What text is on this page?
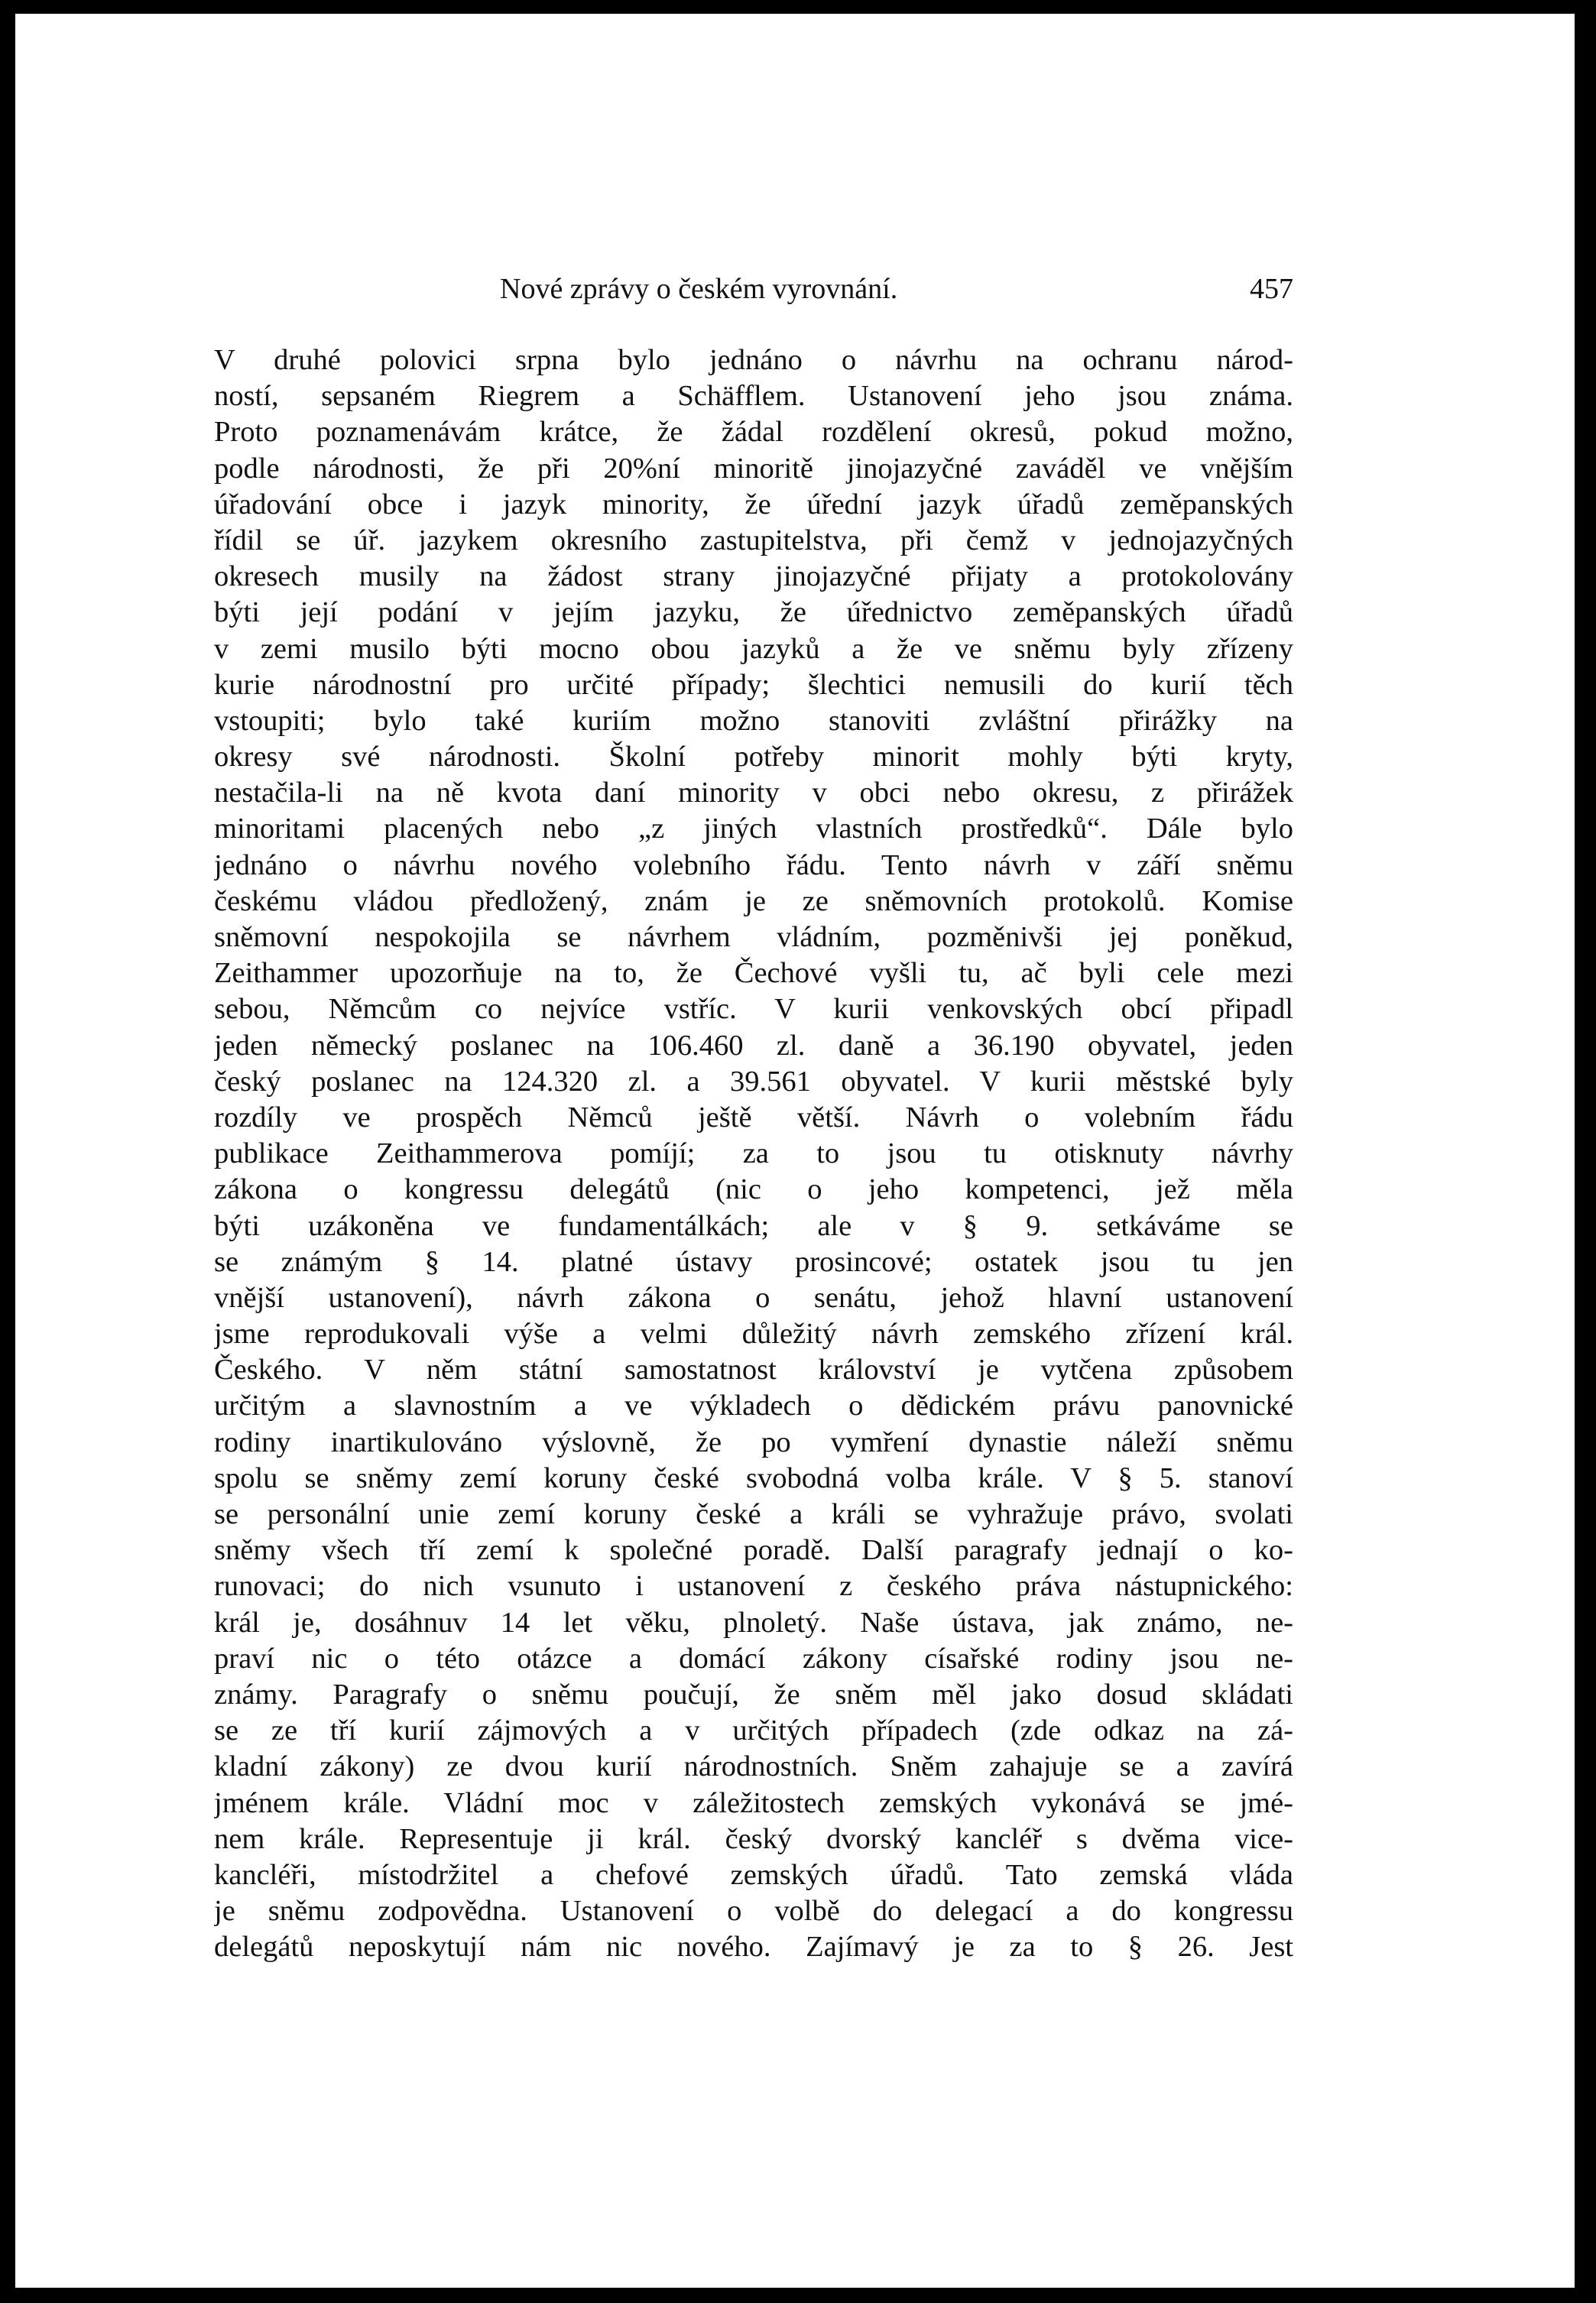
Nové zprávy o českém vyrovnání.	457
V druhé polovici srpna bylo jednáno o návrhu na ochranu národ-
ností, sepsaném Riegrem a Schäfflem. Ustanovení jeho jsou známa.
Proto poznamenávám krátce, že žádal rozdělení okresů, pokud možno,
podle národnosti, že při 20%ní minoritě jinojazyčné zaváděl ve vnějším
úřadování obce i jazyk minority, že úřední jazyk úřadů zeměpanských
řídil se úř. jazykem okresního zastupitelstva, při čemž v jednojazyčných
okresech musily na žádost strany jinojazyčné přijaty a protokolovány
býti její podání v jejím jazyku, že úřednictvo zeměpanských úřadů
v zemi musilo býti mocno obou jazyků a že ve sněmu byly zřízeny
kurie národnostní pro určité případy; šlechtici nemusili do kurií těch
vstoupiti; bylo také kuriím možno stanoviti zvláštní přirážky na
okresy své národnosti. Školní potřeby minorit mohly býti kryty,
nestačila-li na ně kvota daní minority v obci nebo okresu, z přirážek
minoritami placených nebo „z jiných vlastních prostředků“. Dále bylo
jednáno o návrhu nového volebního řádu. Tento návrh v září sněmu
českému vládou předložený, znám je ze sněmovních protokolů. Komise
sněmovní nespokojila se návrhem vládním, pozměnivši jej poněkud,
Zeithammer upozorňuje na to, že Čechové vyšli tu, ač byli cele mezi
sebou, Němcům co nejvíce vstříc. V kurii venkovských obcí připadl
jeden německý poslanec na 106.460 zl. daně a 36.190 obyvatel, jeden
český poslanec na 124.320 zl. a 39.561 obyvatel. V kurii městské byly
rozdíly ve prospěch Němců ještě větší. Návrh o volebním řádu
publikace Zeithammerova pomíjí; za to jsou tu otisknuty návrhy
zákona o kongressu delegátů (nic o jeho kompetenci, jež měla
býti uzákoněna ve fundamentálkách; ale v § 9. setkáváme se
se známým § 14. platné ústavy prosincové; ostatek jsou tu jen
vnější ustanovení), návrh zákona o senátu, jehož hlavní ustanovení
jsme reprodukovali výše a velmi důležitý návrh zemského zřízení král.
Českého. V něm státní samostatnost království je vytčena způsobem
určitým a slavnostním a ve výkladech o dědickém právu panovnické
rodiny inartikulováno výslovně, že po vymření dynastie náleží sněmu
spolu se sněmy zemí koruny české svobodná volba krále. V § 5. stanoví
se personální unie zemí koruny české a králi se vyhražuje právo, svolati
sněmy všech tří zemí k společné poradě. Další paragrafy jednají o ko-
runovaci; do nich vsunuto i ustanovení z českého práva nástupnického:
král je, dosáhnuv 14 let věku, plnoletý. Naše ústava, jak známo, ne-
praví nic o této otázce a domácí zákony císařské rodiny jsou ne-
známy. Paragrafy o sněmu poučují, že sněm měl jako dosud skládati
se ze tří kurií zájmových a v určitých případech (zde odkaz na zá-
kladní zákony) ze dvou kurií národnostních. Sněm zahajuje se a zavírá
jménem krále. Vládní moc v záležitostech zemských vykonává se jmé-
nem krále. Representuje ji král. český dvorský kancléř s dvěma vice-
kancléři, místodržitel a chefové zemských úřadů. Tato zemská vláda
je sněmu zodpovědna. Ustanovení o volbě do delegací a do kongressu
delegátů neposkytují nám nic nového. Zajímavý je za to § 26. Jest
